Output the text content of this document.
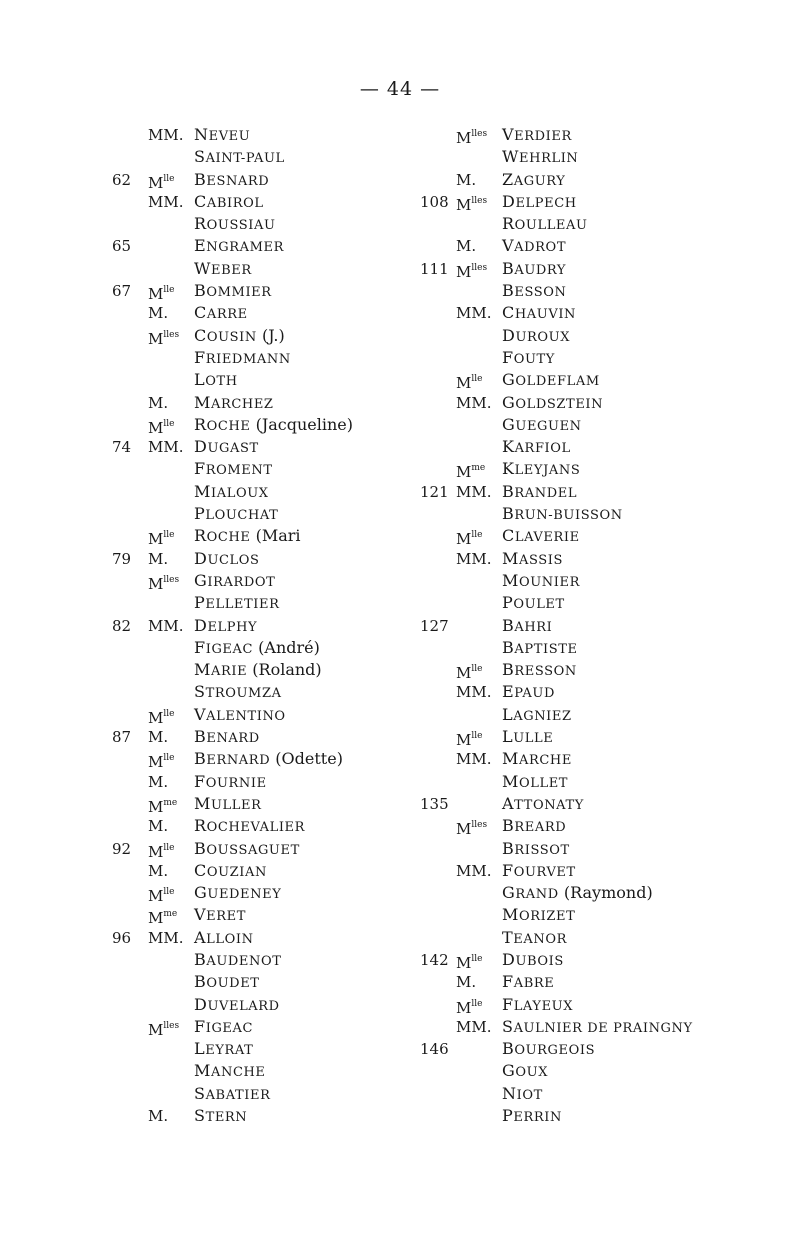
— 44 —
MM. NEVEU
SAINT-PAUL
62	$M^{lle}$	BESNARD
MM. CABIROL
ROUSSIAU
65	ENGRAMER
WEBER
67	$M^{lle}$	BOMMIER
M.	CARRE
$M^{lles}$	COUSIN (J.)
FRIEDMANN
LOTH
M.	MARCHEZ
$M^{lle}$	ROCHE (Jacqueline)
74	MM. DUGAST
FROMENT
MIALOUX
PLOUCHAT
$M^{lle}$	ROCHE (Mari
79	M.	DUCLOS
$M^{lles}$	GIRARDOT
PELLETIER
82	MM. DELPHY
FIGEAC (André)
MARIE (Roland)
STROUMZA
$M^{lle}$	VALENTINO
87	M.	BENARD
$M^{lle}$	BERNARD (Odette)
M.	FOURNIE
$M^{me}$	MULLER
M.	ROCHEVALIER
92	$M^{lle}$	BOUSSAGUET
M.	COUZIAN
$M^{lle}$	GUEDENEY
$M^{me}$	VERET
96	MM. ALLOIN
BAUDENOT
BOUDET
DUVELARD
$M^{lles}$	FIGEAC
LEYRAT
MANCHE
SABATIER
M.	STERN
$M^{lles}$	VERDIER
WEHRLIN
M.	ZAGURY
108 $M^{lles}$	DELPECH
ROULLEAU
M.	VADROT
111 $M^{lles}$	BAUDRY
BESSON
MM. CHAUVIN
DUROUX
FOUTY
$M^{lle}$	GOLDEFLAM
MM. GOLDSZTEIN
GUEGUEN
KARFIOL
$M^{me}$	KLEYJANS
121 MM. BRANDEL
BRUN-BUISSON
$M^{lle}$	CLAVERIE
MM. MASSIS
MOUNIER
POULET
127	BAHRI
BAPTISTE
$M^{lle}$	BRESSON
MM. EPAUD
LAGNIEZ
$M^{lle}$	LULLE
MM. MARCHE
MOLLET
135	ATTONATY
$M^{lles}$	BREARD
BRISSOT
MM. FOURVET
GRAND (Raymond)
MORIZET
TEANOR
142 $M^{lle}$	DUBOIS
M.	FABRE
$M^{lle}$	FLAYEUX
MM. SAULNIER DE PRAINGNY
146	BOURGEOIS
GOUX
NIOT
PERRIN
